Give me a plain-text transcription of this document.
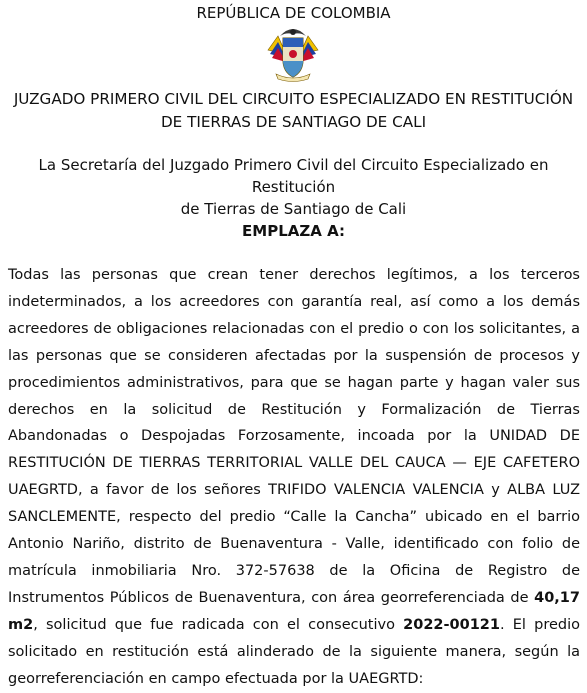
REPÚBLICA DE COLOMBIA
JUZGADO PRIMERO CIVIL DEL CIRCUITO ESPECIALIZADO EN RESTITUCIÓN
DE TIERRAS DE SANTIAGO DE CALI
La Secretaría del Juzgado Primero Civil del Circuito Especializado en Restitución
de Tierras de Santiago de Cali
EMPLAZA A:
Todas las personas que crean tener derechos legítimos, a los terceros indeterminados, a los acreedores con garantía real, así como a los demás acreedores de obligaciones relacionadas con el predio o con los solicitantes, a las personas que se consideren afectadas por la suspensión de procesos y procedimientos administrativos, para que se hagan parte y hagan valer sus derechos en la solicitud de Restitución y Formalización de Tierras Abandonadas o Despojadas Forzosamente, incoada por la UNIDAD DE RESTITUCIÓN DE TIERRAS TERRITORIAL VALLE DEL CAUCA — EJE CAFETERO UAEGRTD, a favor de los señores TRIFIDO VALENCIA VALENCIA y ALBA LUZ SANCLEMENTE, respecto del predio “Calle la Cancha” ubicado en el barrio Antonio Nariño, distrito de Buenaventura - Valle, identificado con folio de matrícula inmobiliaria Nro. 372-57638 de la Oficina de Registro de Instrumentos Públicos de Buenaventura, con área georreferenciada de 40,17 m2, solicitud que fue radicada con el consecutivo 2022-00121. El predio solicitado en restitución está alinderado de la siguiente manera, según la georreferenciación en campo efectuada por la UAEGRTD:
